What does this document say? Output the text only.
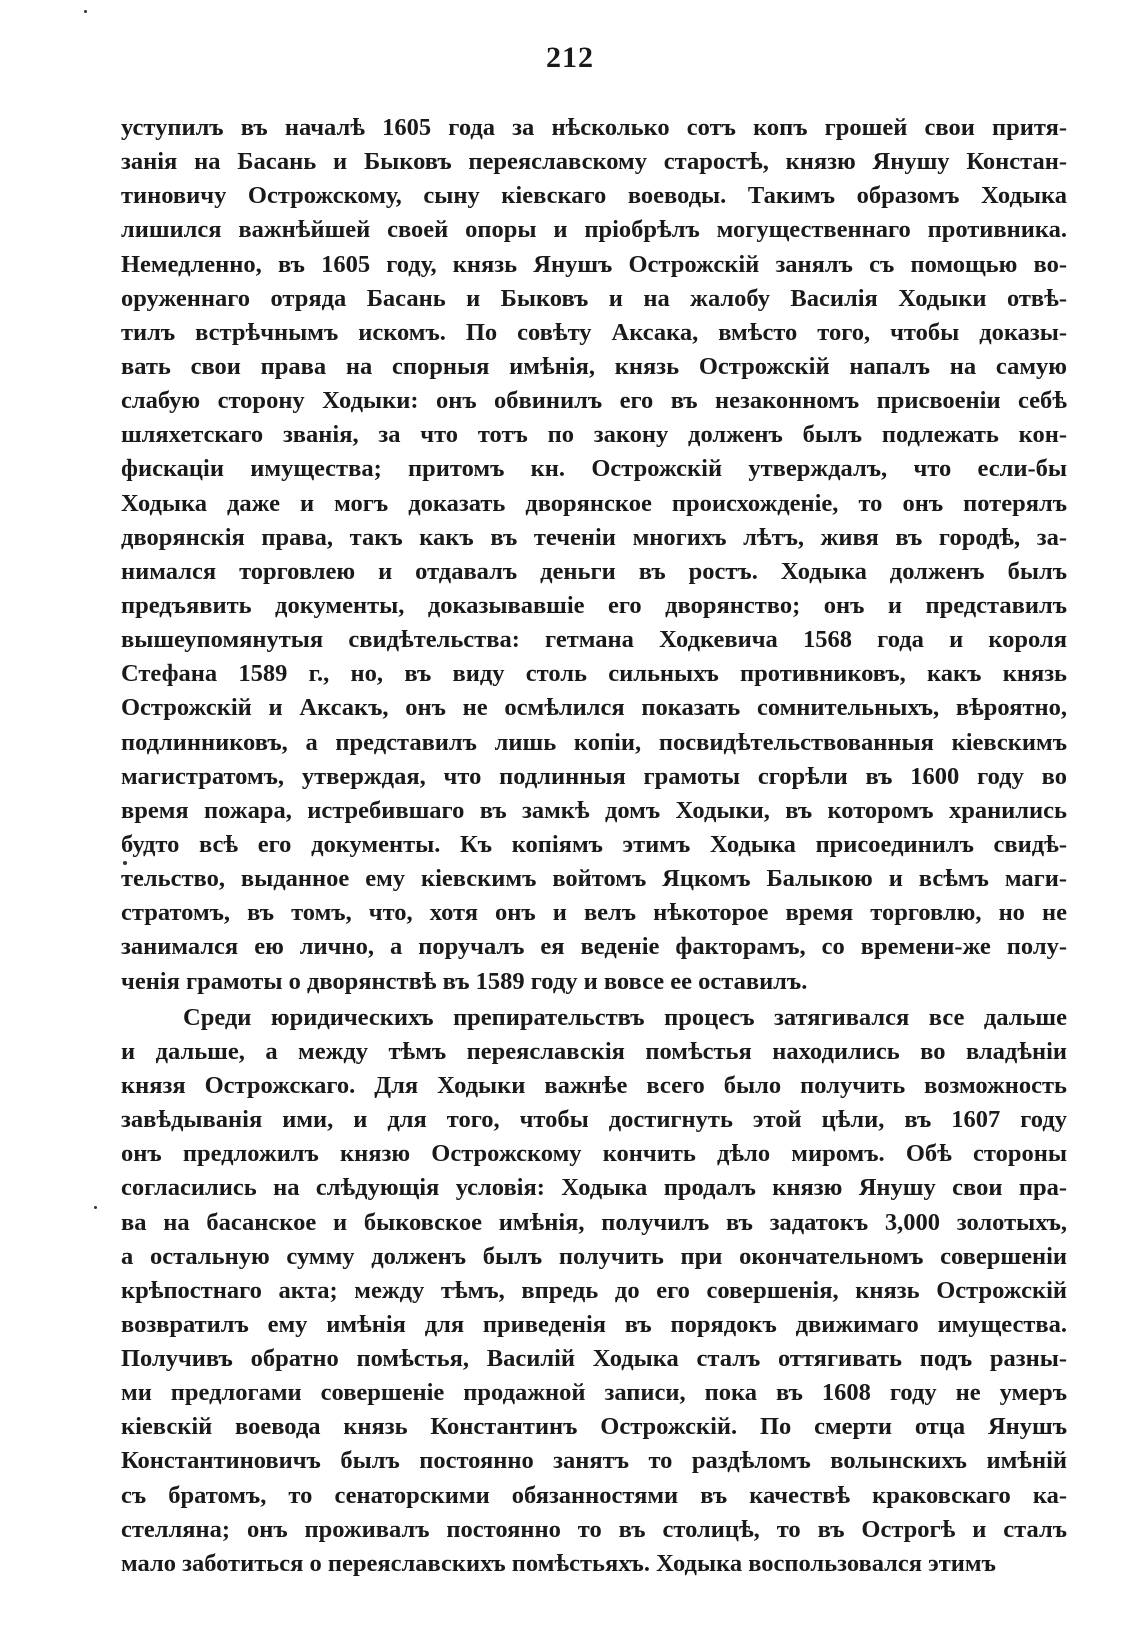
212
уступилъ въ началѣ 1605 года за нѣсколько сотъ копъ грошей свои притя-
занія на Басань и Быковъ переяславскому старостѣ, князю Янушу Констан-
тиновичу Острожскому, сыну кіевскаго воеводы. Такимъ образомъ Ходыка
лишился важнѣйшей своей опоры и пріобрѣлъ могущественнаго противника.
Немедленно, въ 1605 году, князь Янушъ Острожскій занялъ съ помощью во-
оруженнаго отряда Басань и Быковъ и на жалобу Василія Ходыки отвѣ-
тилъ встрѣчнымъ искомъ. По совѣту Аксака, вмѣсто того, чтобы доказы-
вать свои права на спорныя имѣнія, князь Острожскій напалъ на самую
слабую сторону Ходыки: онъ обвинилъ его въ незаконномъ присвоеніи себѣ
шляхетскаго званія, за что тотъ по закону долженъ былъ подлежать кон-
фискаціи имущества; притомъ кн. Острожскій утверждалъ, что если-бы
Ходыка даже и могъ доказать дворянское происхожденіе, то онъ потерялъ
дворянскія права, такъ какъ въ теченіи многихъ лѣтъ, живя въ городѣ, за-
нимался торговлею и отдавалъ деньги въ ростъ. Ходыка долженъ былъ
предъявить документы, доказывавшіе его дворянство; онъ и представилъ
вышеупомянутыя свидѣтельства: гетмана Ходкевича 1568 года и короля
Стефана 1589 г., но, въ виду столь сильныхъ противниковъ, какъ князь
Острожскій и Аксакъ, онъ не осмѣлился показать сомнительныхъ, вѣроятно,
подлинниковъ, а представилъ лишь копіи, посвидѣтельствованныя кіевскимъ
магистратомъ, утверждая, что подлинныя грамоты сгорѣли въ 1600 году во
время пожара, истребившаго въ замкѣ домъ Ходыки, въ которомъ хранились
будто всѣ его документы. Къ копіямъ этимъ Ходыка присоединилъ свидѣ-
тельство, выданное ему кіевскимъ войтомъ Яцкомъ Балыкою и всѣмъ маги-
стратомъ, въ томъ, что, хотя онъ и велъ нѣкоторое время торговлю, но не
занимался ею лично, а поручалъ ея веденіе факторамъ, со времени-же полу-
ченія грамоты о дворянствѣ въ 1589 году и вовсе ее оставилъ.
Среди юридическихъ препирательствъ процесъ затягивался все дальше
и дальше, а между тѣмъ переяславскія помѣстья находились во владѣніи
князя Острожскаго. Для Ходыки важнѣе всего было получить возможность
завѣдыванія ими, и для того, чтобы достигнуть этой цѣли, въ 1607 году
онъ предложилъ князю Острожскому кончить дѣло миромъ. Обѣ стороны
согласились на слѣдующія условія: Ходыка продалъ князю Янушу свои пра-
ва на басанское и быковское имѣнія, получилъ въ задатокъ 3,000 золотыхъ,
а остальную сумму долженъ былъ получить при окончательномъ совершеніи
крѣпостнаго акта; между тѣмъ, впредь до его совершенія, князь Острожскій
возвратилъ ему имѣнія для приведенія въ порядокъ движимаго имущества.
Получивъ обратно помѣстья, Василій Ходыка сталъ оттягивать подъ разны-
ми предлогами совершеніе продажной записи, пока въ 1608 году не умеръ
кіевскій воевода князь Константинъ Острожскій. По смерти отца Янушъ
Константиновичъ былъ постоянно занятъ то раздѣломъ волынскихъ имѣній
съ братомъ, то сенаторскими обязанностями въ качествѣ краковскаго ка-
стелляна; онъ проживалъ постоянно то въ столицѣ, то въ Острогѣ и сталъ
мало заботиться о переяславскихъ помѣстьяхъ. Ходыка воспользовался этимъ
